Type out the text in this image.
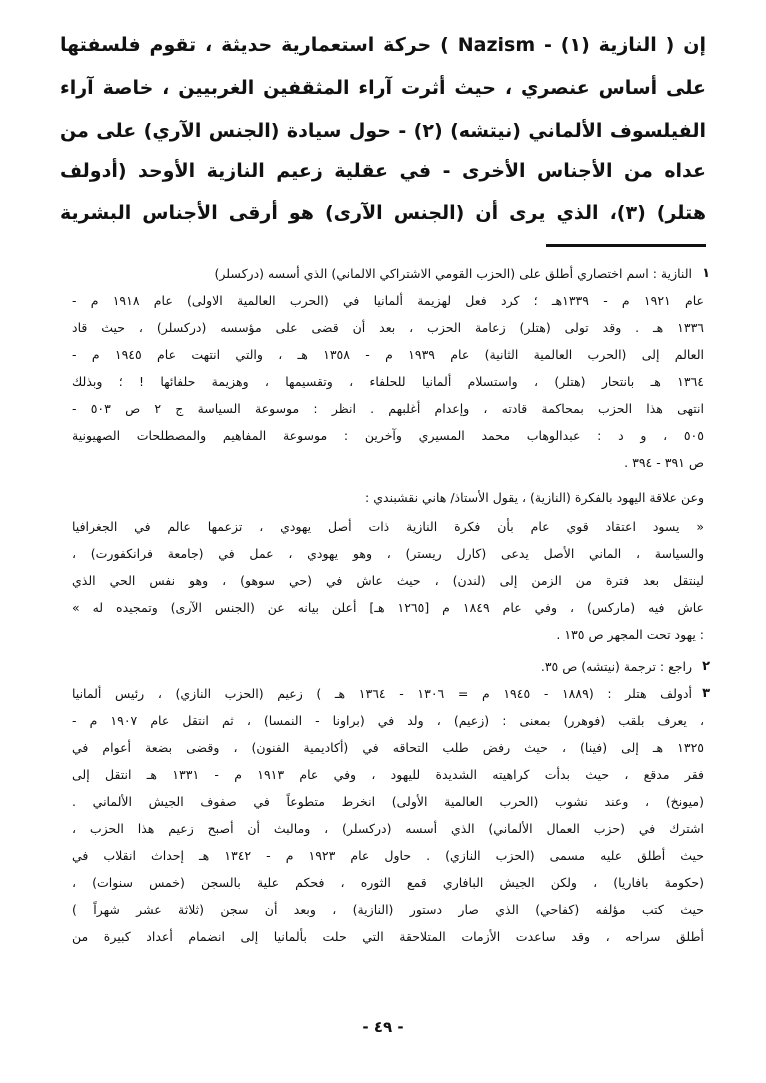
إن ( النازية (١) - Nazism ) حركة استعمارية حديثة ، تقوم فلسفتها
على أساس عنصري ، حيث أثرت آراء المثقفين الغربيين ، خاصة آراء
الفيلسوف الألماني (نيتشه) (٢) - حول سيادة (الجنس الآري) على من
عداه من الأجناس الأخرى - في عقلية زعيم النازية الأوحد (أدولف
هتلر) (٣)، الذي يرى أن (الجنس الآرى) هو أرقى الأجناس البشرية
١
النازية : اسم اختصاري أطلق على (الحزب القومي الاشتراكي الالماني) الذي أسسه (دركسلر)
عام ١٩٢١ م - ١٣٣٩هـ ؛ كرد فعل لهزيمة ألمانيا في (الحرب العالمية الاولى) عام ١٩١٨ م -
١٣٣٦ هـ . وقد تولى (هتلر) زعامة الحزب ، بعد أن قضى على مؤسسه (دركسلر) ، حيث قاد
العالم إلى (الحرب العالمية الثانية) عام ١٩٣٩ م - ١٣٥٨ هـ ، والتي انتهت عام ١٩٤٥ م -
١٣٦٤ هـ بانتحار (هتلر) ، واستسلام ألمانيا للحلفاء ، وتقسيمها ، وهزيمة حلفائها ! ؛ وبذلك
انتهى هذا الحزب بمحاكمة قادته ، وإعدام أغلبهم . انظر : موسوعة السياسة ج ٢ ص ٥٠٣ -
٥٠٥ ، و د : عبدالوهاب محمد المسيري وآخرين : موسوعة المفاهيم والمصطلحات الصهيونية
ص ٣٩١ - ٣٩٤ .
وعن علاقة اليهود بالفكرة (النازية) ، يقول الأستاذ/ هاني نقشبندي :
« يسود اعتقاد قوي عام بأن فكرة النازية ذات أصل يهودي ، تزعمها عالم في الجغرافيا
والسياسة ، الماني الأصل يدعى (كارل ريستر) ، وهو يهودي ، عمل في (جامعة فرانكفورت) ،
لينتقل بعد فترة من الزمن إلى (لندن) ، حيث عاش في (حي سوهو) ، وهو نفس الحي الذي
عاش فيه (ماركس) ، وفي عام ١٨٤٩ م [١٢٦٥ هـ] أعلن بيانه عن (الجنس الآرى) وتمجيده له »
: يهود تحت المجهر ص ١٣٥ .
٢
راجع : ترجمة (نيتشه) ص ٣٥.
٣
أدولف هتلر : (١٨٨٩ - ١٩٤٥ م = ١٣٠٦ - ١٣٦٤ هـ ) زعيم (الحزب النازي) ، رئيس ألمانيا
، يعرف بلقب (فوهرر) بمعنى : (زعيم) ، ولد في (براونا - النمسا) ، ثم انتقل عام ١٩٠٧ م -
١٣٢٥ هـ إلى (فينا) ، حيث رفض طلب التحاقه في (أكاديمية الفنون) ، وقضى بضعة أعوام في
فقر مدقع ، حيث بدأت كراهيته الشديدة لليهود ، وفي عام ١٩١٣ م - ١٣٣١ هـ انتقل إلى
(ميونخ) ، وعند نشوب (الحرب العالمية الأولى) انخرط متطوعاً في صفوف الجيش الألماني .
اشترك في (حزب العمال الألماني) الذي أسسه (دركسلر) ، ومالبث أن أصبح زعيم هذا الحزب ،
حيث أطلق عليه مسمى (الحزب النازي) . حاول عام ١٩٢٣ م - ١٣٤٢ هـ إحداث انقلاب في
(حكومة بافاريا) ، ولكن الجيش البافاري قمع الثوره ، فحكم علية بالسجن (خمس سنوات) ،
حيث كتب مؤلفه (كفاحي) الذي صار دستور (النازية) ، وبعد أن سجن (ثلاثة عشر شهراً )
أطلق سراحه ، وقد ساعدت الأزمات المتلاحقة التي حلت بألمانيا إلى انضمام أعداد كبيرة من
- ٤٩ -
